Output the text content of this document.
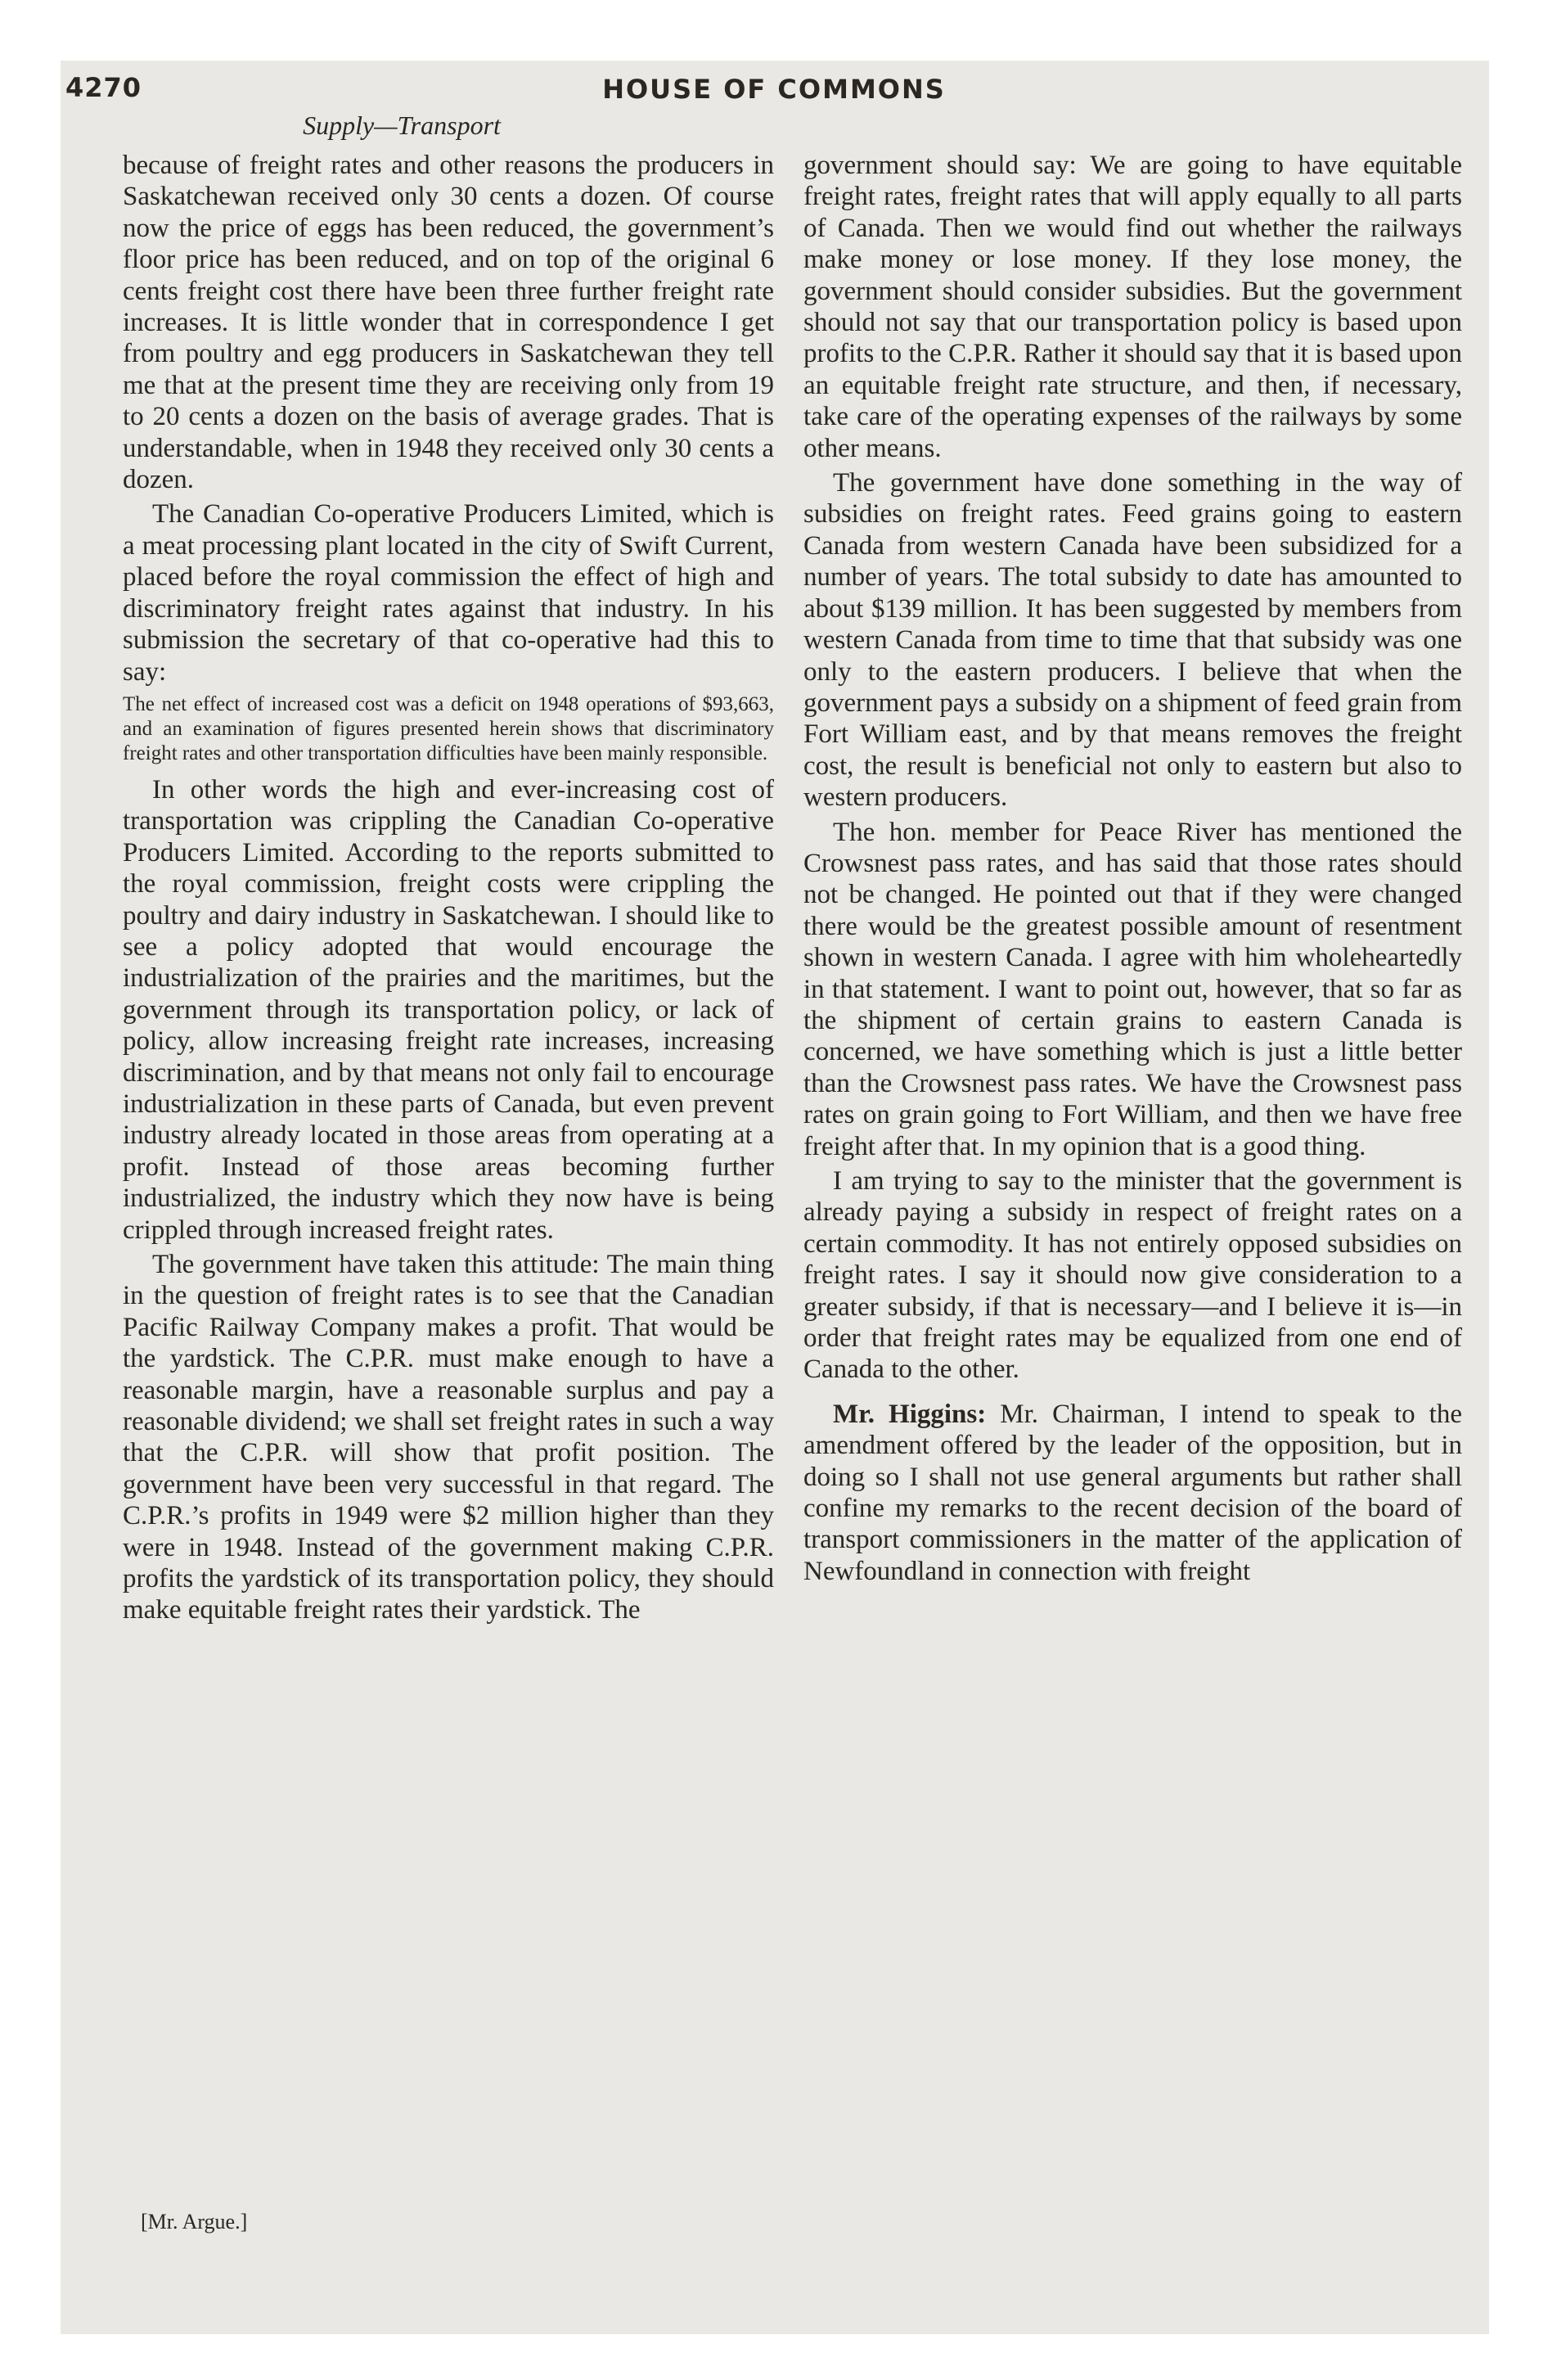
4270	HOUSE OF COMMONS
Supply—Transport

because of freight rates and other reasons the producers in Saskatchewan received only 30 cents a dozen. Of course now the price of eggs has been reduced, the government’s floor price has been reduced, and on top of the original 6 cents freight cost there have been three further freight rate increases. It is little wonder that in correspondence I get from poultry and egg producers in Saskatchewan they tell me that at the present time they are receiving only from 19 to 20 cents a dozen on the basis of average grades. That is understandable, when in 1948 they received only 30 cents a dozen.

The Canadian Co-operative Producers Limited, which is a meat processing plant located in the city of Swift Current, placed before the royal commission the effect of high and discriminatory freight rates against that industry. In his submission the secretary of that co-operative had this to say:

The net effect of increased cost was a deficit on 1948 operations of $93,663, and an examination of figures presented herein shows that discriminatory freight rates and other transportation difficulties have been mainly responsible.

In other words the high and ever-increasing cost of transportation was crippling the Canadian Co-operative Producers Limited. According to the reports submitted to the royal commission, freight costs were crippling the poultry and dairy industry in Saskatchewan. I should like to see a policy adopted that would encourage the industrialization of the prairies and the maritimes, but the government through its transportation policy, or lack of policy, allow increasing freight rate increases, increasing discrimination, and by that means not only fail to encourage industrialization in these parts of Canada, but even prevent industry already located in those areas from operating at a profit. Instead of those areas becoming further industrialized, the industry which they now have is being crippled through increased freight rates.

The government have taken this attitude: The main thing in the question of freight rates is to see that the Canadian Pacific Railway Company makes a profit. That would be the yardstick. The C.P.R. must make enough to have a reasonable margin, have a reasonable surplus and pay a reasonable dividend; we shall set freight rates in such a way that the C.P.R. will show that profit position. The government have been very successful in that regard. The C.P.R.’s profits in 1949 were $2 million higher than they were in 1948. Instead of the government making C.P.R. profits the yardstick of its transportation policy, they should make equitable freight rates their yardstick. The

government should say: We are going to have equitable freight rates, freight rates that will apply equally to all parts of Canada. Then we would find out whether the railways make money or lose money. If they lose money, the government should consider subsidies. But the government should not say that our transportation policy is based upon profits to the C.P.R. Rather it should say that it is based upon an equitable freight rate structure, and then, if necessary, take care of the operating expenses of the railways by some other means.

The government have done something in the way of subsidies on freight rates. Feed grains going to eastern Canada from western Canada have been subsidized for a number of years. The total subsidy to date has amounted to about $139 million. It has been suggested by members from western Canada from time to time that that subsidy was one only to the eastern producers. I believe that when the government pays a subsidy on a shipment of feed grain from Fort William east, and by that means removes the freight cost, the result is beneficial not only to eastern but also to western producers.

The hon. member for Peace River has mentioned the Crowsnest pass rates, and has said that those rates should not be changed. He pointed out that if they were changed there would be the greatest possible amount of resentment shown in western Canada. I agree with him wholeheartedly in that statement. I want to point out, however, that so far as the shipment of certain grains to eastern Canada is concerned, we have something which is just a little better than the Crowsnest pass rates. We have the Crowsnest pass rates on grain going to Fort William, and then we have free freight after that. In my opinion that is a good thing.

I am trying to say to the minister that the government is already paying a subsidy in respect of freight rates on a certain commodity. It has not entirely opposed subsidies on freight rates. I say it should now give consideration to a greater subsidy, if that is necessary—and I believe it is—in order that freight rates may be equalized from one end of Canada to the other.

Mr. Higgins: Mr. Chairman, I intend to speak to the amendment offered by the leader of the opposition, but in doing so I shall not use general arguments but rather shall confine my remarks to the recent decision of the board of transport commissioners in the matter of the application of Newfoundland in connection with freight

[Mr. Argue.]
